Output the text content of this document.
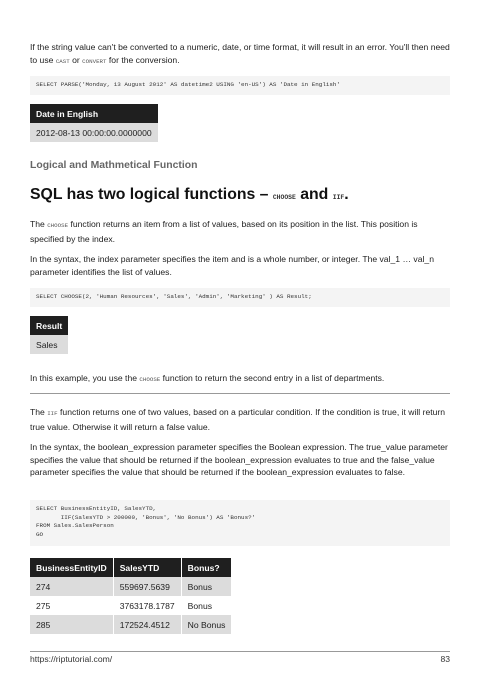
If the string value can't be converted to a numeric, date, or time format, it will result in an error. You'll then need to use CAST or CONVERT for the conversion.

SELECT PARSE('Monday, 13 August 2012' AS datetime2 USING 'en-US') AS 'Date in English'
Date in English
2012-08-13 00:00:00.0000000
Logical and Mathmetical Function
SQL has two logical functions – CHOOSE and IIF.

The CHOOSE function returns an item from a list of values, based on its position in the list. This position is specified by the index.

In the syntax, the index parameter specifies the item and is a whole number, or integer. The val_1 … val_n parameter identifies the list of values.

SELECT CHOOSE(2, 'Human Resources', 'Sales', 'Admin', 'Marketing' ) AS Result;
Result
Sales

In this example, you use the CHOOSE function to return the second entry in a list of departments.

The IIF function returns one of two values, based on a particular condition. If the condition is true, it will return true value. Otherwise it will return a false value.

In the syntax, the boolean_expression parameter specifies the Boolean expression. The true_value parameter specifies the value that should be returned if the boolean_expression evaluates to true and the false_value parameter specifies the value that should be returned if the boolean_expression evaluates to false.

SELECT BusinessEntityID, SalesYTD,
IIF(SalesYTD > 200000, 'Bonus', 'No Bonus') AS 'Bonus?'
FROM Sales.SalesPerson
GO
BusinessEntityID	SalesYTD	Bonus?
274	559697.5639	Bonus
275	3763178.1787	Bonus
285	172524.4512	No Bonus
https://riptutorial.com/	83
